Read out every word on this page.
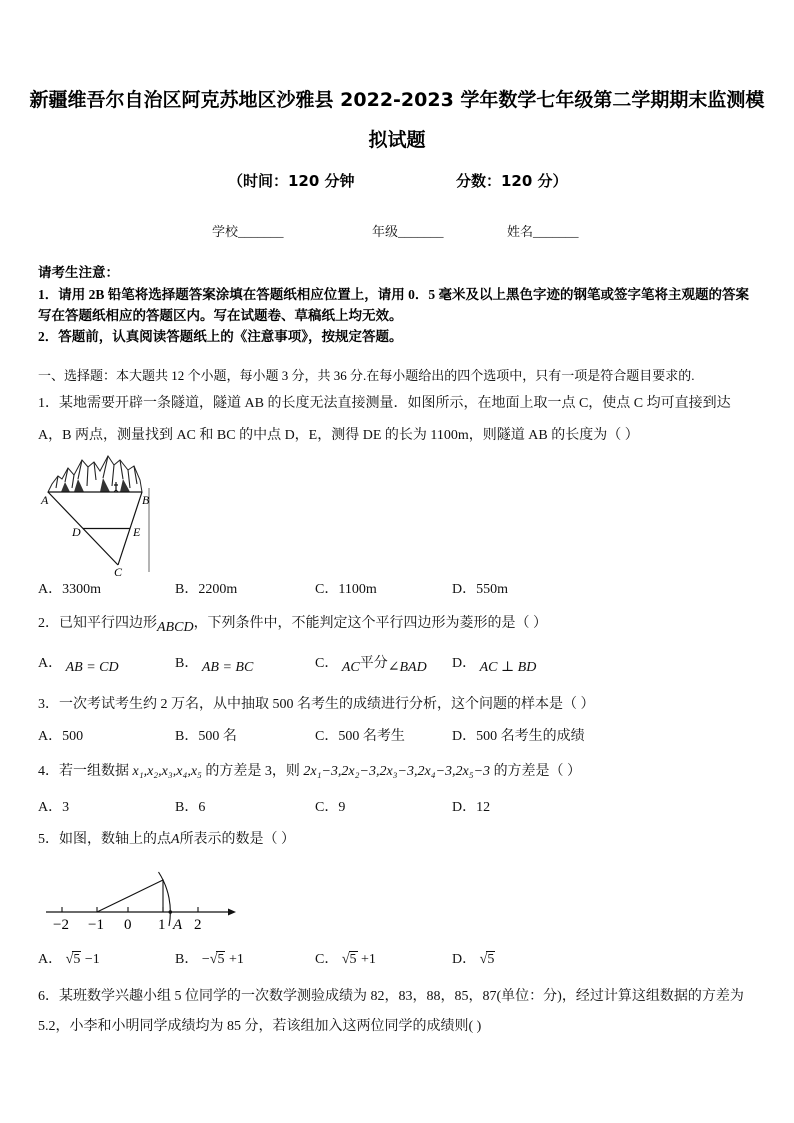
新疆维吾尔自治区阿克苏地区沙雅县 2022-2023 学年数学七年级第二学期期末监测模
拟试题
（时间：120 分钟	分数：120 分）
学校_______	年级_______	姓名_______
请考生注意：
1．请用 2B 铅笔将选择题答案涂填在答题纸相应位置上，请用 0．5 毫米及以上黑色字迹的钢笔或签字笔将主观题的答案写在答题纸相应的答题区内。写在试题卷、草稿纸上均无效。
2．答题前，认真阅读答题纸上的《注意事项》，按规定答题。
一、选择题：本大题共 12 个小题，每小题 3 分，共 36 分.在每小题给出的四个选项中，只有一项是符合题目要求的.
1．某地需要开辟一条隧道，隧道 AB 的长度无法直接测量．如图所示，在地面上取一点 C，使点 C 均可直接到达 A，B 两点，测量找到 AC 和 BC 的中点 D，E，测得 DE 的长为 1100m，则隧道 AB 的长度为（ ）
A	B
C
D	E
A．3300m	B．2200m	C．1100m	D．550m
2．已知平行四边形ABCD，下列条件中，不能判定这个平行四边形为菱形的是（ ）
A． AB = CD	B． AB = BC	C． AC平分∠BAD	D． AC ⊥ BD
3．一次考试考生约 2 万名，从中抽取 500 名考生的成绩进行分析，这个问题的样本是（ ）
A．500	B．500 名	C．500 名考生	D．500 名考生的成绩
4．若一组数据 x₁,x₂,x₃,x₄,x₅ 的方差是 3，则 2x₁−3,2x₂−3,2x₃−3,2x₄−3,2x₅−3 的方差是（ ）
A．3	B．6	C．9	D．12
5．如图，数轴上的点A所表示的数是（ ）
−2 −1 0 1 A 2
A． √5 −1	B． −√5 +1	C． √5 +1	D． √5
6．某班数学兴趣小组 5 位同学的一次数学测验成绩为 82，83，88，85，87(单位：分)，经过计算这组数据的方差为 5.2，小李和小明同学成绩均为 85 分，若该组加入这两位同学的成绩则( )
